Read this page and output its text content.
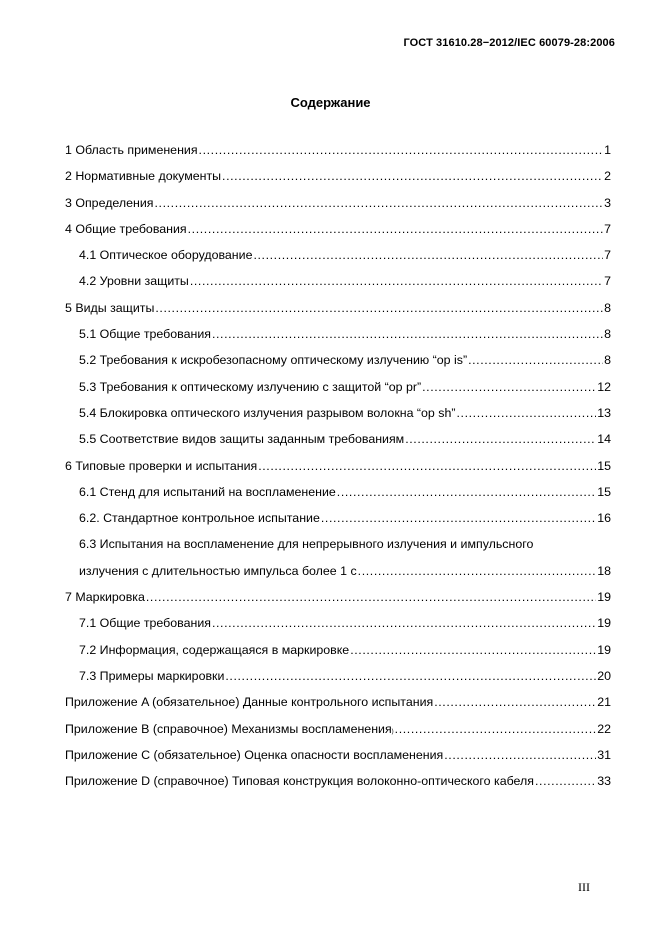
ГОСТ 31610.28−2012/IEC 60079-28:2006
Содержание
1 Область применения .....	1
2 Нормативные документы .....	2
3 Определения .....	3
4 Общие требования .....	7
4.1 Оптическое оборудование .....	7
4.2 Уровни защиты .....	7
5 Виды защиты .....	8
5.1 Общие требования .....	8
5.2 Требования к искробезопасному оптическому излучению “op is” .....	8
5.3 Требования к оптическому излучению с защитой “op pr” .....	12
5.4 Блокировка оптического излучения разрывом волокна “op sh” .....	13
5.5 Соответствие видов защиты заданным требованиям .....	14
6 Типовые проверки и испытания .....	15
6.1 Стенд для испытаний на воспламенение .....	15
6.2. Стандартное контрольное испытание .....	16
6.3 Испытания на воспламенение для непрерывного излучения и импульсного
излучения с длительностью импульса более 1 с .....	18
7 Маркировка .....	19
7.1 Общие требования .....	19
7.2 Информация, содержащаяся в маркировке .....	19
7.3 Примеры маркировки .....	20
Приложение A (обязательное) Данные контрольного испытания .....	21
Приложение B (справочное) Механизмы воспламенения ) .....	22
Приложение C (обязательное) Оценка опасности воспламенения .....	31
Приложение D (справочное) Типовая конструкция волоконно-оптического кабеля .....	33
III
